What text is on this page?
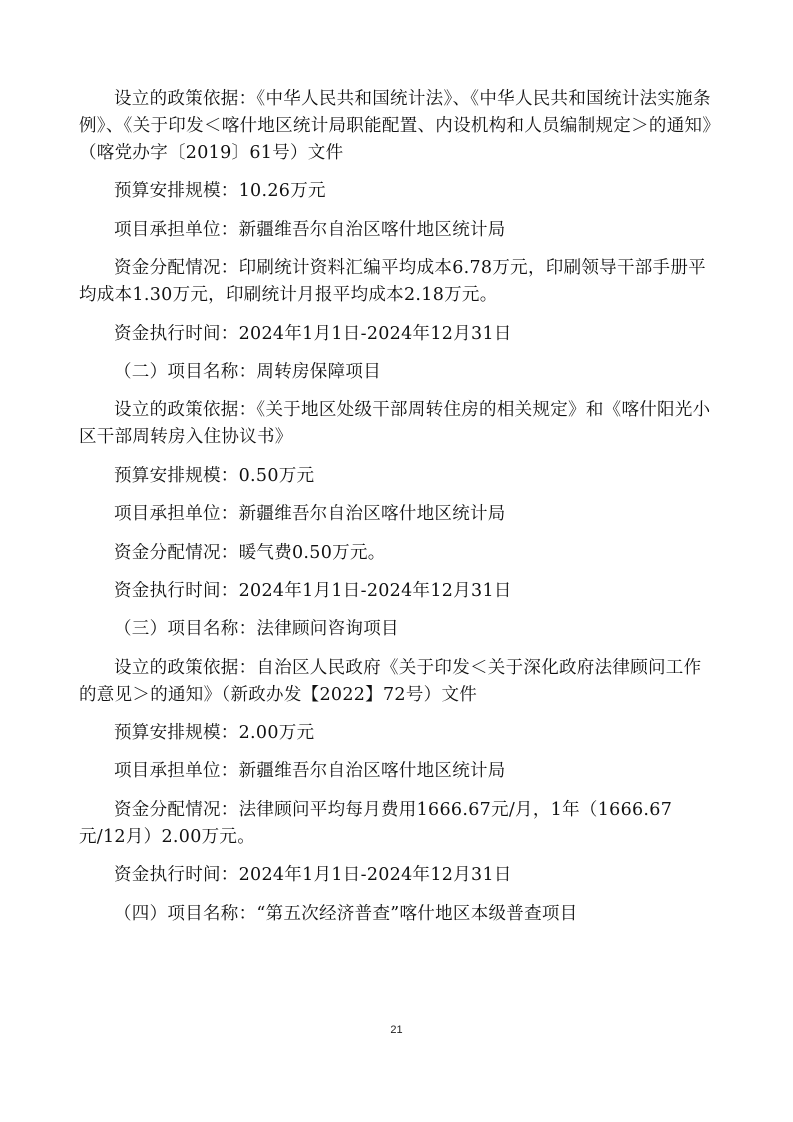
设立的政策依据：《中华人民共和国统计法》、《中华人民共和国统计法实施条例》、《关于印发＜喀什地区统计局职能配置、内设机构和人员编制规定＞的通知》（喀党办字〔2019〕61号）文件

预算安排规模：10.26万元

项目承担单位：新疆维吾尔自治区喀什地区统计局

资金分配情况：印刷统计资料汇编平均成本6.78万元，印刷领导干部手册平均成本1.30万元，印刷统计月报平均成本2.18万元。

资金执行时间：2024年1月1日-2024年12月31日

（二）项目名称：周转房保障项目

设立的政策依据：《关于地区处级干部周转住房的相关规定》和《喀什阳光小区干部周转房入住协议书》

预算安排规模：0.50万元

项目承担单位：新疆维吾尔自治区喀什地区统计局

资金分配情况：暖气费0.50万元。

资金执行时间：2024年1月1日-2024年12月31日

（三）项目名称：法律顾问咨询项目

设立的政策依据：自治区人民政府《关于印发＜关于深化政府法律顾问工作的意见＞的通知》（新政办发【2022】72号）文件

预算安排规模：2.00万元

项目承担单位：新疆维吾尔自治区喀什地区统计局

资金分配情况：法律顾问平均每月费用1666.67元/月，1年（1666.67元/12月）2.00万元。

资金执行时间：2024年1月1日-2024年12月31日

（四）项目名称：“第五次经济普查”喀什地区本级普查项目

21
